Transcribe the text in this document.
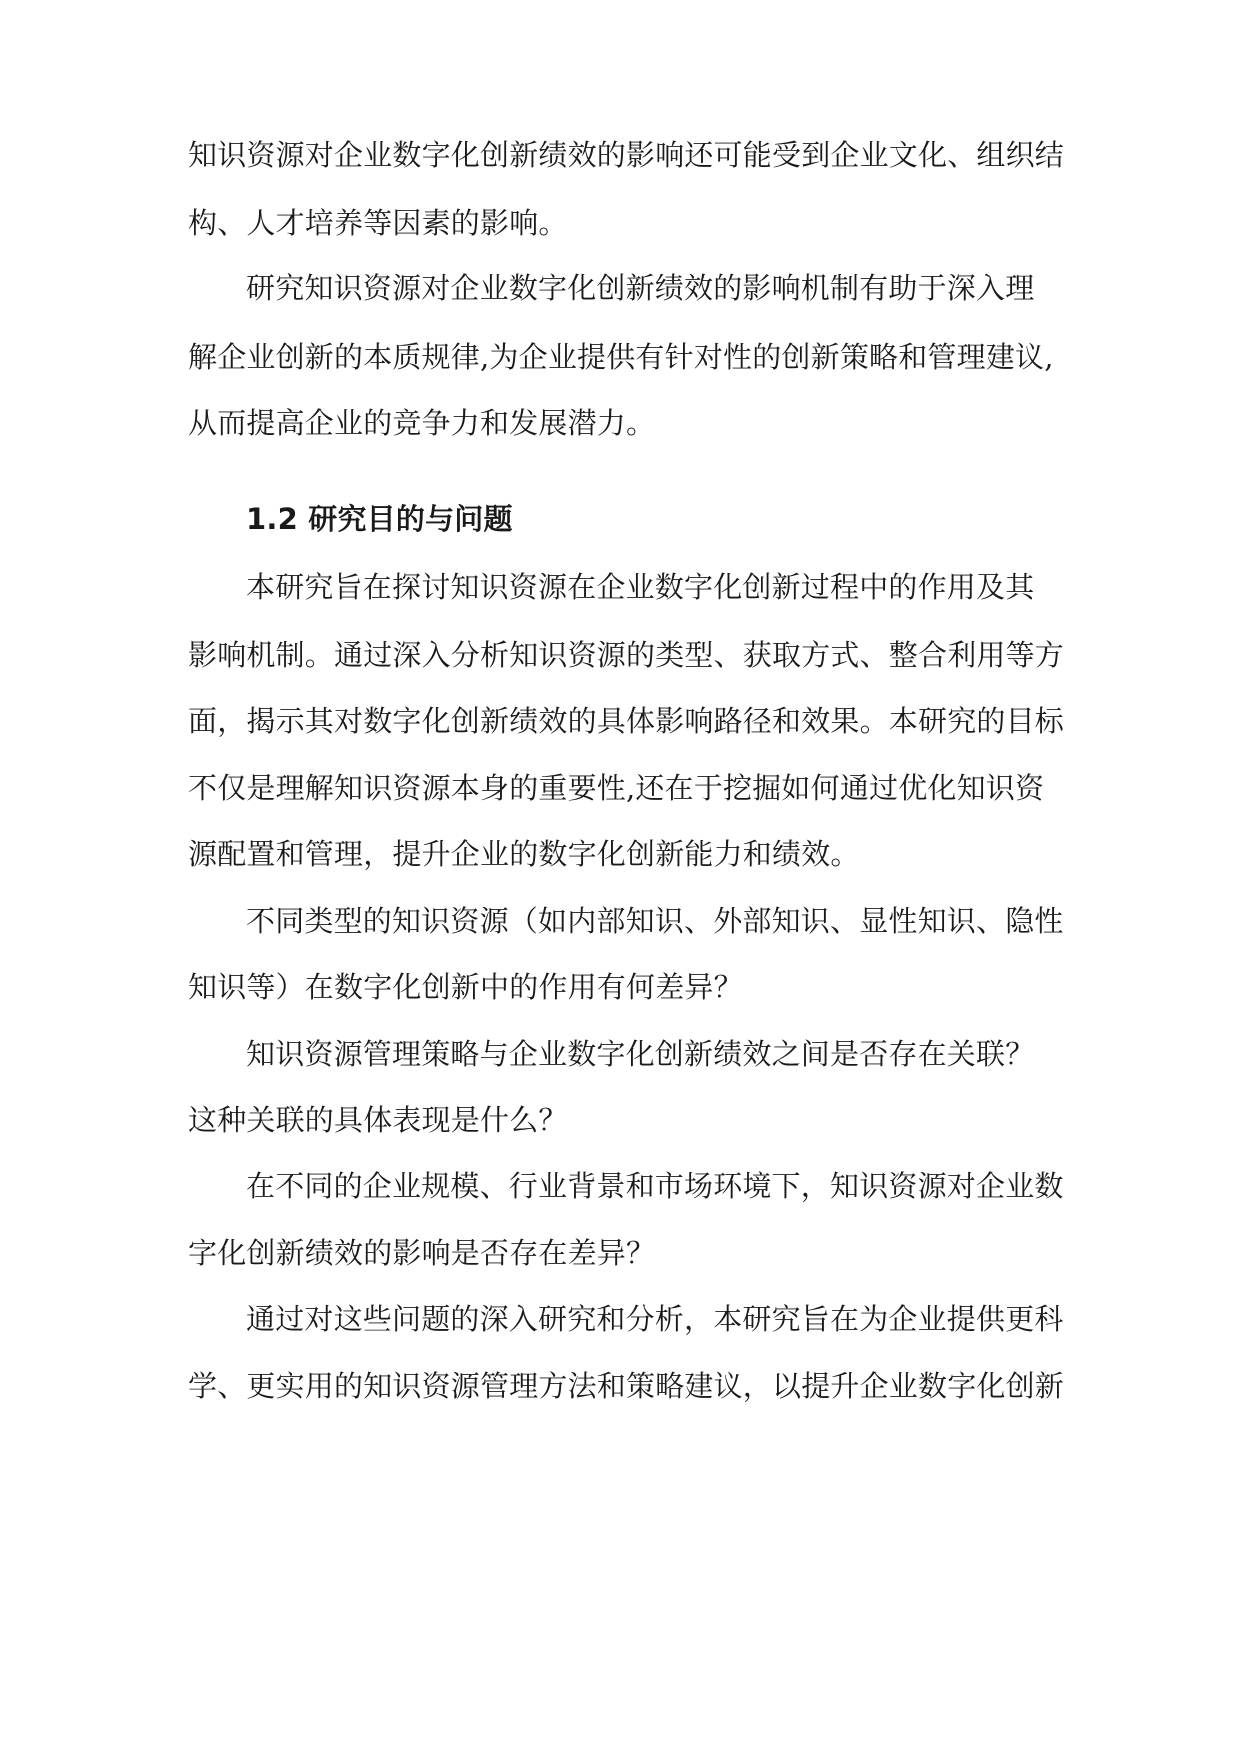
知识资源对企业数字化创新绩效的影响还可能受到企业文化、组织结
构、人才培养等因素的影响。
研究知识资源对企业数字化创新绩效的影响机制有助于深入理
解企业创新的本质规律,为企业提供有针对性的创新策略和管理建议,
从而提高企业的竞争力和发展潜力。
1.2 研究目的与问题
本研究旨在探讨知识资源在企业数字化创新过程中的作用及其
影响机制。通过深入分析知识资源的类型、获取方式、整合利用等方
面，揭示其对数字化创新绩效的具体影响路径和效果。本研究的目标
不仅是理解知识资源本身的重要性,还在于挖掘如何通过优化知识资
源配置和管理，提升企业的数字化创新能力和绩效。
不同类型的知识资源（如内部知识、外部知识、显性知识、隐性
知识等）在数字化创新中的作用有何差异？
知识资源管理策略与企业数字化创新绩效之间是否存在关联？
这种关联的具体表现是什么？
在不同的企业规模、行业背景和市场环境下，知识资源对企业数
字化创新绩效的影响是否存在差异？
通过对这些问题的深入研究和分析，本研究旨在为企业提供更科
学、更实用的知识资源管理方法和策略建议，以提升企业数字化创新
